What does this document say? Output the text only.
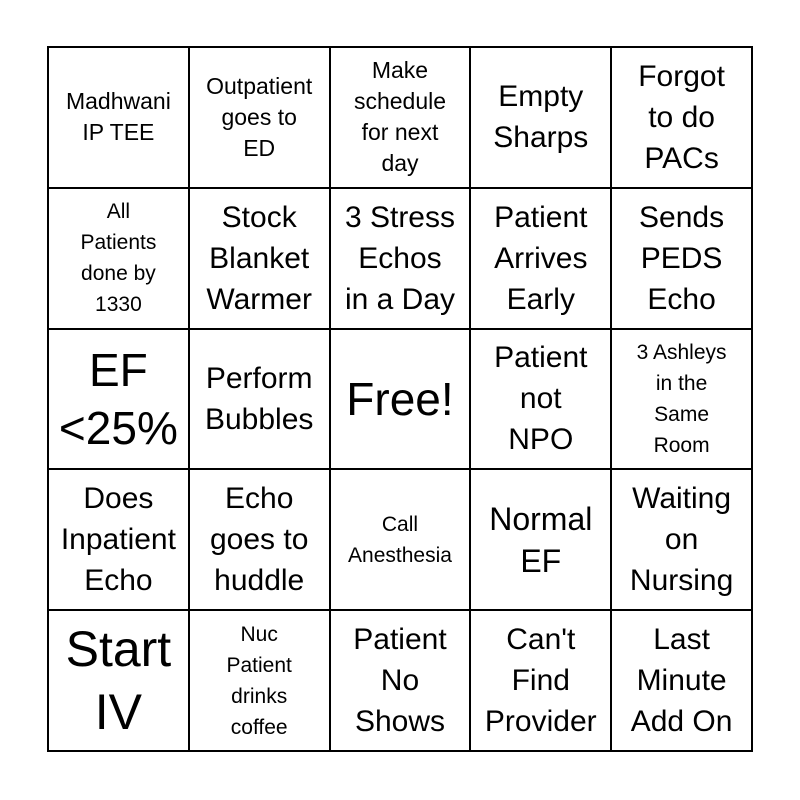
Madhwani
IP TEE
Outpatient
goes to
ED
Make
schedule
for next
day
Empty
Sharps
Forgot
to do
PACs
All
Patients
done by
1330
Stock
Blanket
Warmer
3 Stress
Echos
in a Day
Patient
Arrives
Early
Sends
PEDS
Echo
EF
<25%
Perform
Bubbles Free!
Patient
not
NPO
3 Ashleys
in the
Same
Room
Does
Inpatient
Echo
Echo
goes to
huddle
Call
Anesthesia
Normal
EF
Waiting
on
Nursing
Start
IV
Nuc
Patient
drinks
coffee
Patient
No
Shows
Can't
Find
Provider
Last
Minute
Add On
